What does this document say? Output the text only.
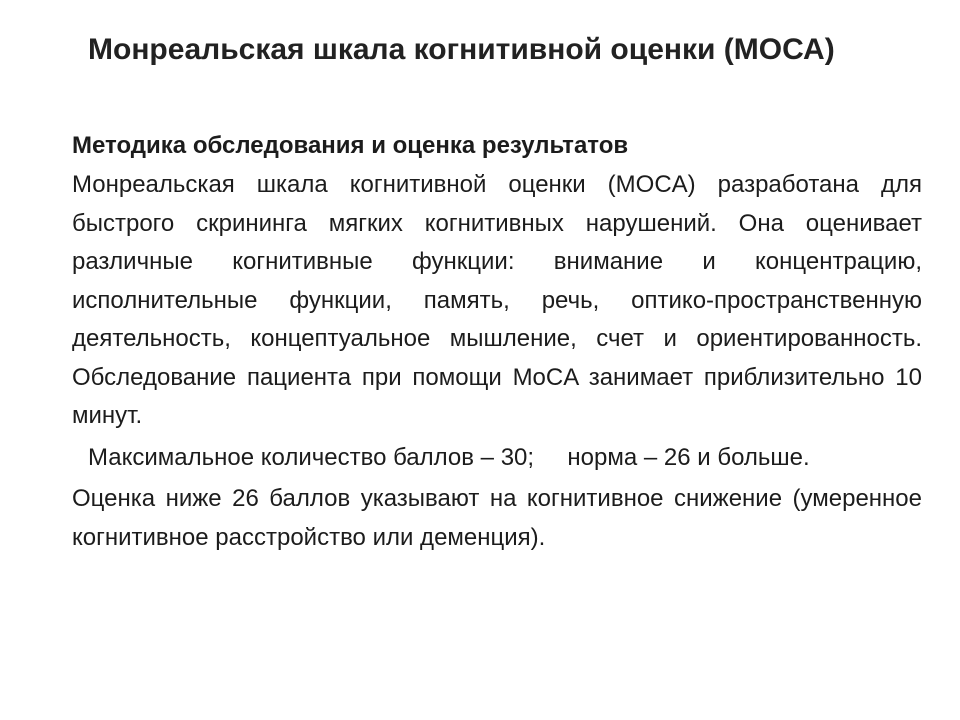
Монреальская шкала когнитивной оценки (МОСА)

Методика обследования и оценка результатов

Монреальская шкала когнитивной оценки (MOCA) разработана для быстрого скрининга мягких когнитивных нарушений. Она оценивает различные когнитивные функции: внимание и концентрацию, исполнительные функции, память, речь, оптико-пространственную деятельность, концептуальное мышление, счет и ориентированность. Обследование пациента при помощи MoCA занимает приблизительно 10 минут.

Максимальное количество баллов – 30;     норма – 26 и больше.

Оценка ниже 26 баллов указывают на когнитивное снижение (умеренное когнитивное расстройство или деменция).
